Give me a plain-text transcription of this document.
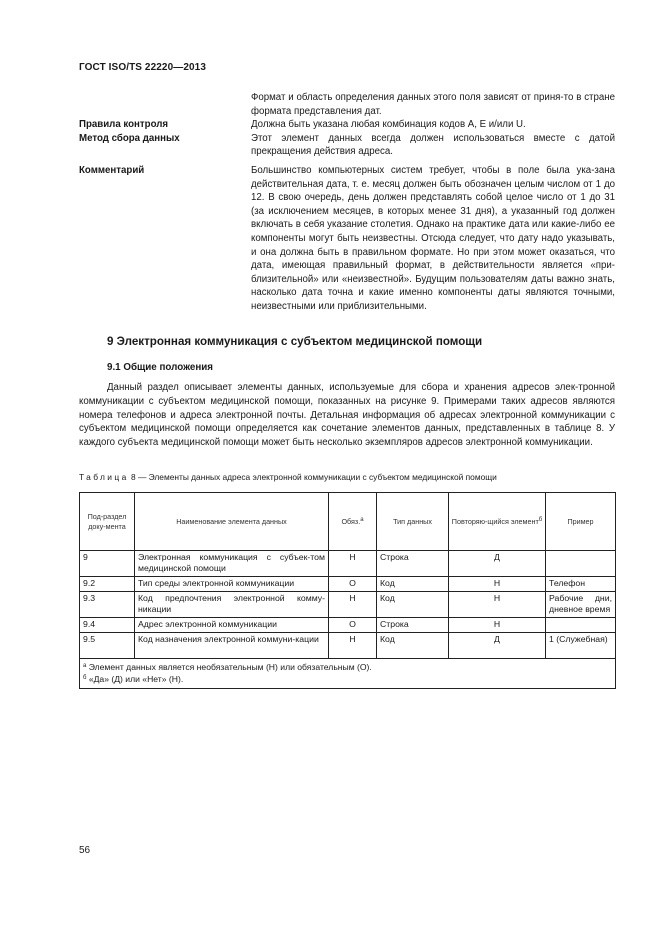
ГОСТ ISO/TS 22220—2013
Формат и область определения данных этого поля зависят от приня-то в стране формата представления дат.
Правила контроля	Должна быть указана любая комбинация кодов А, Е и/или U.
Метод сбора данных	Этот элемент данных всегда должен использоваться вместе с датой прекращения действия адреса.
Комментарий	Большинство компьютерных систем требует, чтобы в поле была ука-зана действительная дата, т. е. месяц должен быть обозначен целым числом от 1 до 12. В свою очередь, день должен представлять собой целое число от 1 до 31 (за исключением месяцев, в которых менее 31 дня), а указанный год должен включать в себя указание столетия. Однако на практике дата или какие-либо ее компоненты могут быть неизвестны. Отсюда следует, что дату надо указывать, и она должна быть в правильном формате. Но при этом может оказаться, что дата, имеющая правильный формат, в действительности является «при-близительной» или «неизвестной». Будущим пользователям даты важно знать, насколько дата точна и какие именно компоненты даты являются точными, неизвестными или приблизительными.
9 Электронная коммуникация с субъектом медицинской помощи
9.1 Общие положения

Данный раздел описывает элементы данных, используемые для сбора и хранения адресов элек-тронной коммуникации с субъектом медицинской помощи, показанных на рисунке 9. Примерами таких адресов являются номера телефонов и адреса электронной почты. Детальная информация об адресах электронной коммуникации с субъектом медицинской помощи определяется как сочетание элементов данных, представленных в таблице 8. У каждого субъекта медицинской помощи может быть несколько экземпляров адресов электронной коммуникации.

Таблица 8 — Элементы данных адреса электронной коммуникации с субъектом медицинской помощи
Под-раздел доку-мента	Наименование элемента данных	Обяз.$^а$	Тип данных	Повторяю-щийся элемент$^б$	Пример
9	Электронная коммуникация с субъек-том медицинской помощи	Н	Строка	Д	
9.2	Тип среды электронной коммуникации	О	Код	Н	Телефон
9.3	Код предпочтения электронной комму-никации	Н	Код	Н	Рабочие дни, дневное время
9.4	Адрес электронной коммуникации	О	Строка	Н	
9.5	Код назначения электронной коммуни-кации	Н	Код	Д	1 (Служебная)

$^а$ Элемент данных является необязательным (Н) или обязательным (О).
$^б$ «Да» (Д) или «Нет» (Н).					
56
